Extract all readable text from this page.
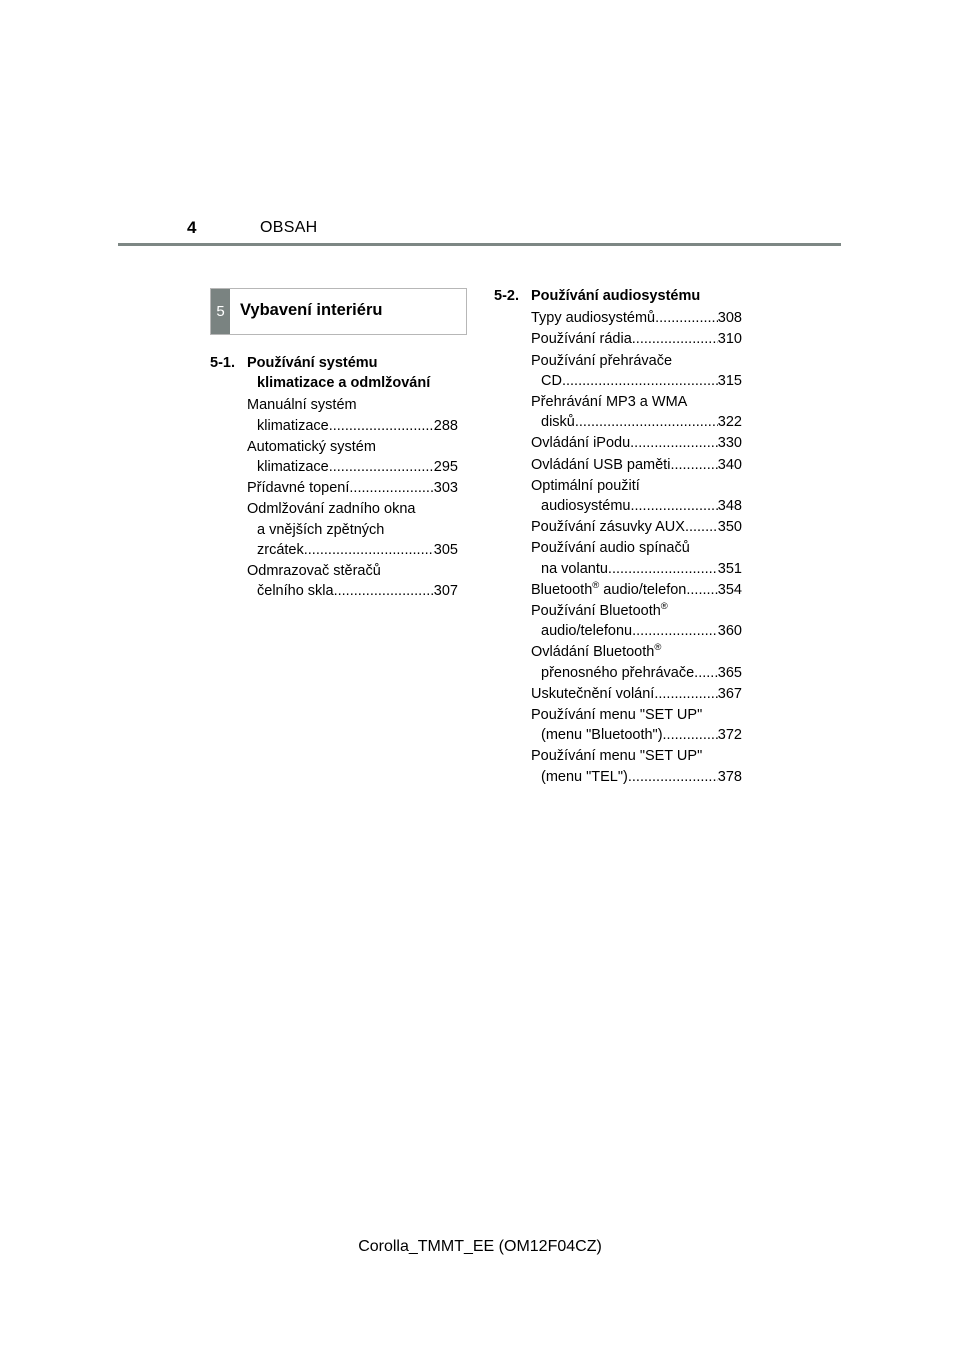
4	OBSAH
5 Vybavení interiéru
5-1. Používání systému
klimatizace a odmlžování
Manuální systém
klimatizace .....	288
Automatický systém
klimatizace .....	295
Přídavné topení .....	303
Odmlžování zadního okna
a vnějších zpětných
zrcátek .....	305
Odmrazovač stěračů
čelního skla .....	307
5-2. Používání audiosystému
Typy audiosystémů .....	308
Používání rádia .....	310
Používání přehrávače
CD .....	315
Přehrávání MP3 a WMA
disků .....	322
Ovládání iPodu .....	330
Ovládání USB paměti .....	340
Optimální použití
audiosystému .....	348
Používání zásuvky AUX ..... 350
Používání audio spínačů
na volantu .....	351
Bluetooth® audio/telefon ..... 354
Používání Bluetooth®
audio/telefonu .....	360
Ovládání Bluetooth®
přenosného přehrávače ..... 365
Uskutečnění volání .....	367
Používání menu "SET UP"
(menu "Bluetooth") .....	372
Používání menu "SET UP"
(menu "TEL") .....	378
Corolla_TMMT_EE (OM12F04CZ)
